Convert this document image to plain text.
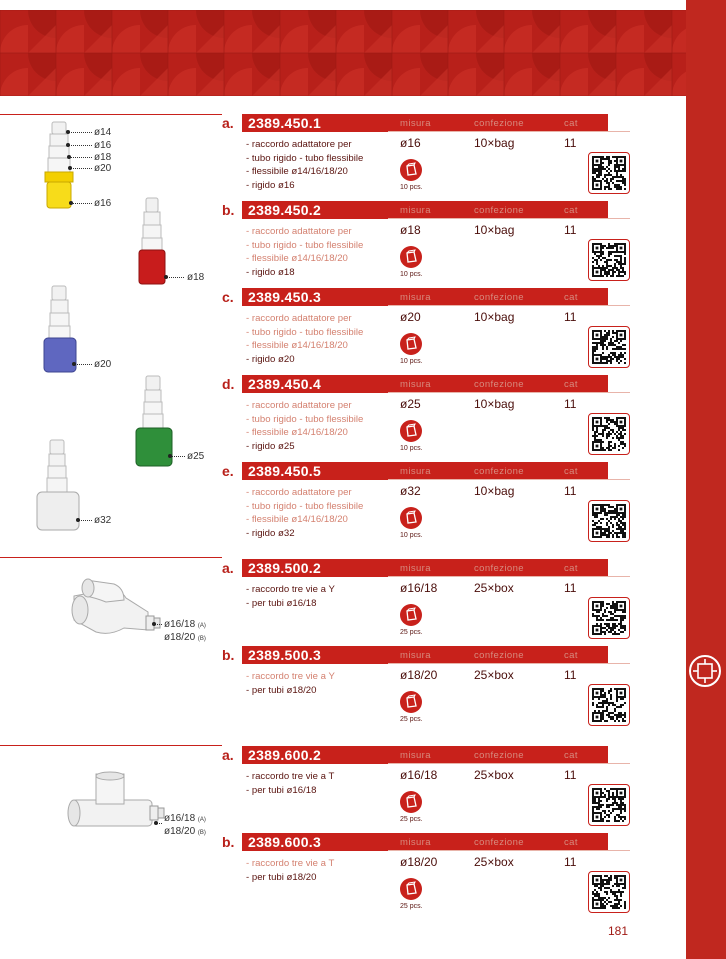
ø14
ø16
ø18
ø20
ø16
ø18
ø20
ø25
ø32
ø16/18 (A)
ø18/20 (B)
ø16/18 (A)
ø18/20 (B)
a.	2389.450.1	misura	confezione	cat
- raccordo adattatore per
- tubo rigido - tubo flessibile
- flessibile ø14/16/18/20
- rigido ø16
ø16	10×bag	11
10 pcs.
b. 2389.450.2	misura	confezione	cat
- raccordo adattatore per
- tubo rigido - tubo flessibile
- flessibile ø14/16/18/20
- rigido ø18
ø18	10×bag	11
10 pcs.
c.	2389.450.3	misura	confezione	cat
- raccordo adattatore per
- tubo rigido - tubo flessibile
- flessibile ø14/16/18/20
- rigido ø20
ø20	10×bag	11
10 pcs.
d. 2389.450.4	misura	confezione	cat
- raccordo adattatore per
- tubo rigido - tubo flessibile
- flessibile ø14/16/18/20
- rigido ø25
ø25	10×bag	11
10 pcs.
e.	2389.450.5	misura	confezione	cat
- raccordo adattatore per
- tubo rigido - tubo flessibile
- flessibile ø14/16/18/20
- rigido ø32
ø32	10×bag	11
10 pcs.
a.	2389.500.2	misura	confezione	cat
- raccordo tre vie a Y
- per tubi ø16/18
ø16/18	25×box	11
25 pcs.
b. 2389.500.3	misura	confezione	cat
- raccordo tre vie a Y
- per tubi ø18/20
ø18/20	25×box	11
25 pcs.
a.	2389.600.2	misura	confezione	cat
- raccordo tre vie a T
- per tubi ø16/18
ø16/18	25×box	11
25 pcs.
b. 2389.600.3	misura	confezione	cat
- raccordo tre vie a T
- per tubi ø18/20
ø18/20	25×box	11
25 pcs.
181
